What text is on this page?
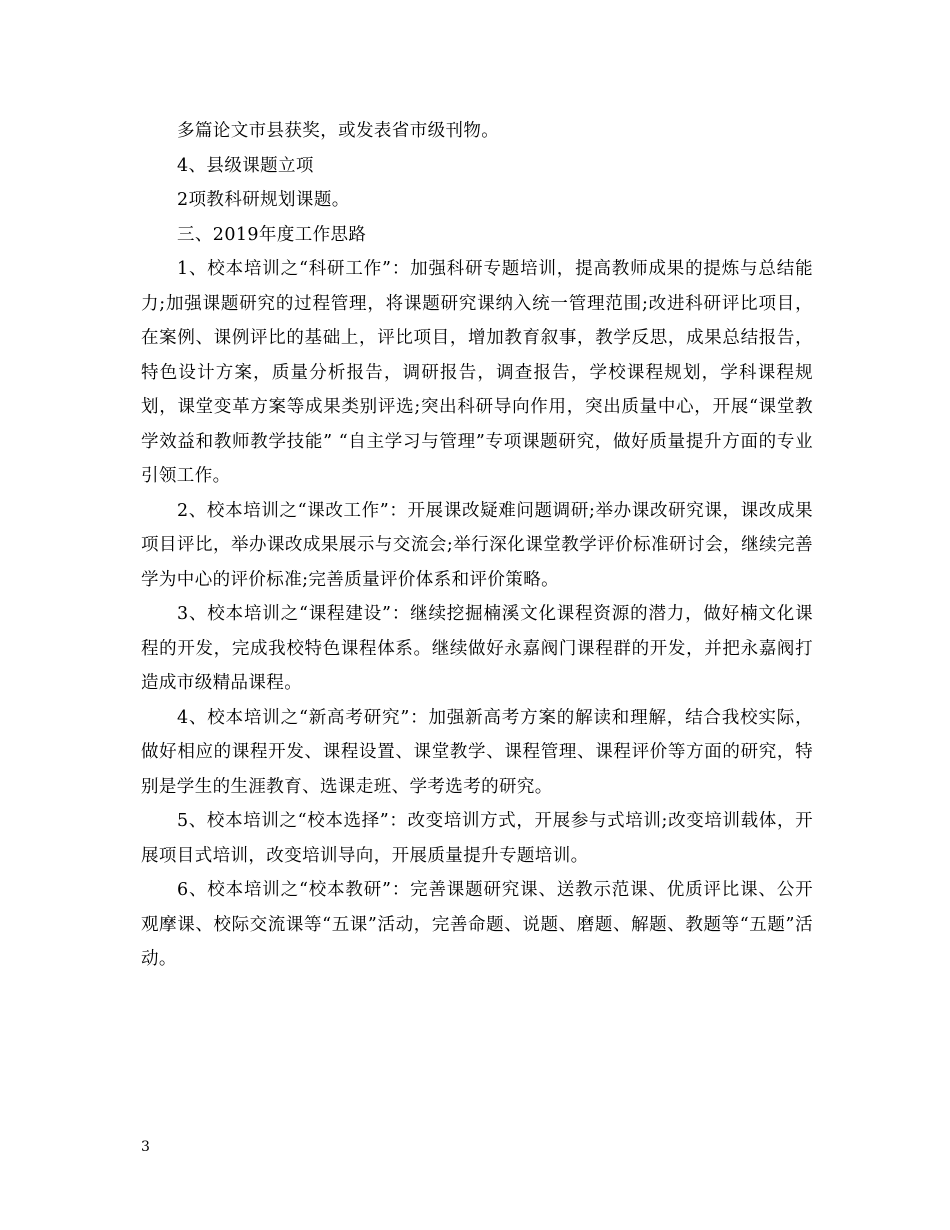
多篇论文市县获奖，或发表省市级刊物。

4、县级课题立项

2项教科研规划课题。

三、2019年度工作思路

1、校本培训之“科研工作”：加强科研专题培训，提高教师成果的提炼与总结能力;加强课题研究的过程管理，将课题研究课纳入统一管理范围;改进科研评比项目，在案例、课例评比的基础上，评比项目，增加教育叙事，教学反思，成果总结报告，特色设计方案，质量分析报告，调研报告，调查报告，学校课程规划，学科课程规划，课堂变革方案等成果类别评选;突出科研导向作用，突出质量中心，开展“课堂教学效益和教师教学技能” “自主学习与管理”专项课题研究，做好质量提升方面的专业引领工作。

2、校本培训之“课改工作”：开展课改疑难问题调研;举办课改研究课，课改成果项目评比，举办课改成果展示与交流会;举行深化课堂教学评价标准研讨会，继续完善学为中心的评价标准;完善质量评价体系和评价策略。

3、校本培训之“课程建设”：继续挖掘楠溪文化课程资源的潜力，做好楠文化课程的开发，完成我校特色课程体系。继续做好永嘉阀门课程群的开发，并把永嘉阀打造成市级精品课程。

4、校本培训之“新高考研究”：加强新高考方案的解读和理解，结合我校实际，做好相应的课程开发、课程设置、课堂教学、课程管理、课程评价等方面的研究，特别是学生的生涯教育、选课走班、学考选考的研究。

5、校本培训之“校本选择”：改变培训方式，开展参与式培训;改变培训载体，开展项目式培训，改变培训导向，开展质量提升专题培训。

6、校本培训之“校本教研”：完善课题研究课、送教示范课、优质评比课、公开观摩课、校际交流课等“五课”活动，完善命题、说题、磨题、解题、教题等“五题”活动。

3
